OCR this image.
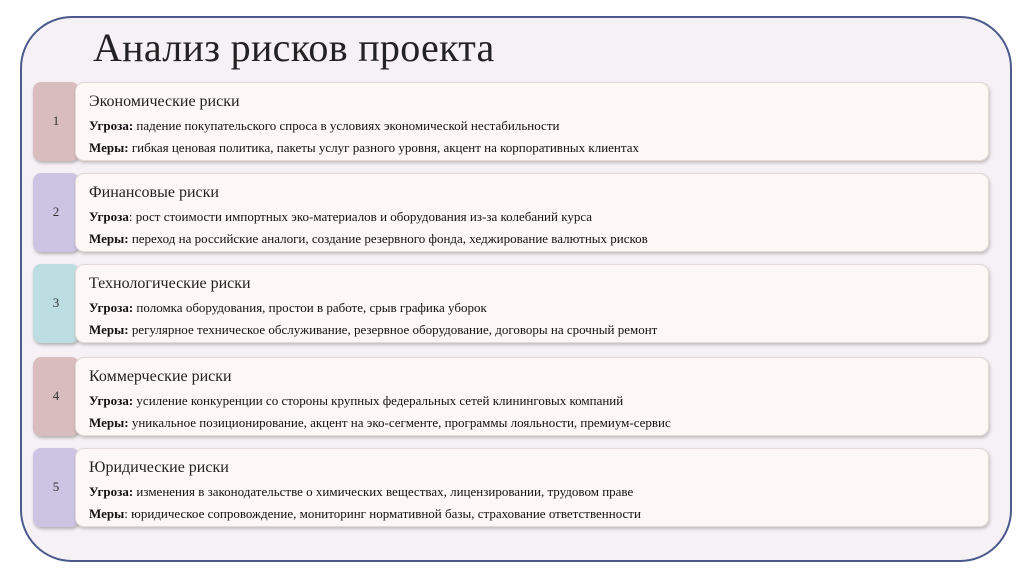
Анализ рисков проекта
1
Экономические риски
Угроза: падение покупательского спроса в условиях экономической нестабильности
Меры: гибкая ценовая политика, пакеты услуг разного уровня, акцент на корпоративных клиентах
2
Финансовые риски
Угроза: рост стоимости импортных эко-материалов и оборудования из-за колебаний курса
Меры: переход на российские аналоги, создание резервного фонда, хеджирование валютных рисков
3
Технологические риски
Угроза: поломка оборудования, простои в работе, срыв графика уборок
Меры: регулярное техническое обслуживание, резервное оборудование, договоры на срочный ремонт
4
Коммерческие риски
Угроза: усиление конкуренции со стороны крупных федеральных сетей клининговых компаний
Меры: уникальное позиционирование, акцент на эко-сегменте, программы лояльности, премиум-сервис
5
Юридические риски
Угроза: изменения в законодательстве о химических веществах, лицензировании, трудовом праве
Меры: юридическое сопровождение, мониторинг нормативной базы, страхование ответственности
